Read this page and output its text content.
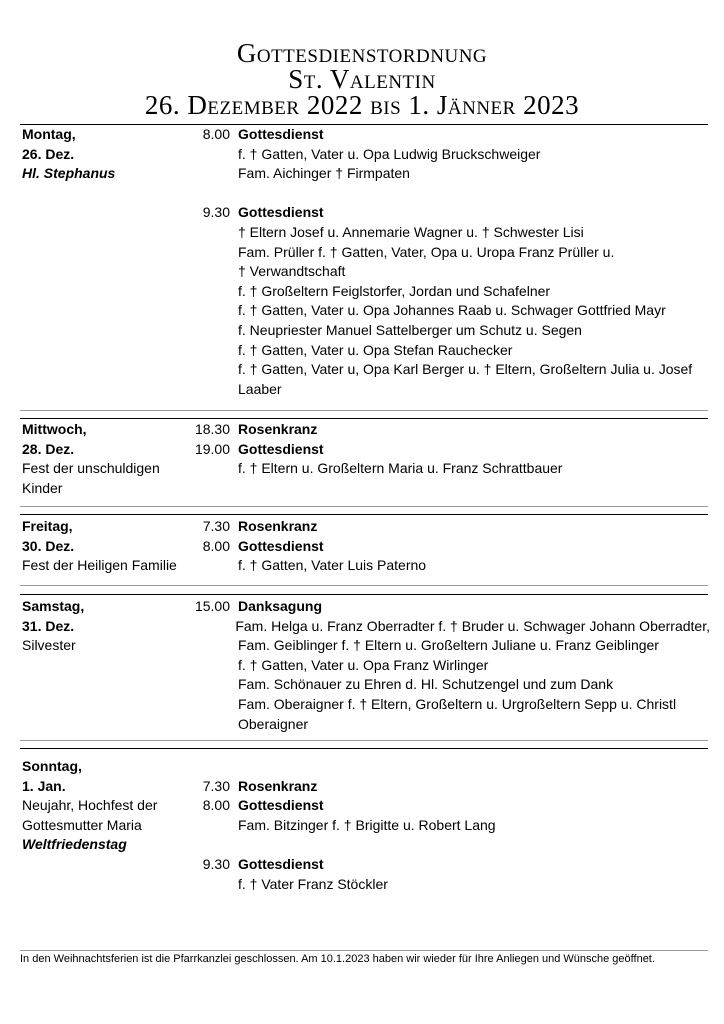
Gottesdienstordnung
St. Valentin
26. Dezember 2022 bis 1. Jänner 2023
Montag,
26. Dez.
Hl. Stephanus
8.00 Gottesdienst
f. † Gatten, Vater u. Opa Ludwig Bruckschweiger
Fam. Aichinger † Firmpaten
9.30 Gottesdienst
† Eltern Josef u. Annemarie Wagner u. † Schwester Lisi
Fam. Prüller f. † Gatten, Vater, Opa u. Uropa Franz Prüller u.
† Verwandtschaft
f. † Großeltern Feiglstorfer, Jordan und Schafelner
f. † Gatten, Vater u. Opa Johannes Raab u. Schwager Gottfried Mayr
f. Neupriester Manuel Sattelberger um Schutz u. Segen
f. † Gatten, Vater u. Opa Stefan Rauchecker
f. † Gatten, Vater u, Opa Karl Berger u. † Eltern, Großeltern Julia u. Josef
Laaber
Mittwoch,
28. Dez.
Fest der unschuldigen
Kinder
18.30 Rosenkranz
19.00 Gottesdienst
f. † Eltern u. Großeltern Maria u. Franz Schrattbauer
Freitag,
30. Dez.
Fest der Heiligen Familie
7.30 Rosenkranz
8.00 Gottesdienst
f. † Gatten, Vater Luis Paterno
Samstag,
31. Dez.
Silvester
15.00 Danksagung
Fam. Helga u. Franz Oberradter f. † Bruder u. Schwager Johann Oberradter,
Fam. Geiblinger f. † Eltern u. Großeltern Juliane u. Franz Geiblinger
f. † Gatten, Vater u. Opa Franz Wirlinger
Fam. Schönauer zu Ehren d. Hl. Schutzengel und zum Dank
Fam. Oberaigner f. † Eltern, Großeltern u. Urgroßeltern Sepp u. Christl
Oberaigner
Sonntag,
1. Jan.
Neujahr, Hochfest der
Gottesmutter Maria
Weltfriedenstag
7.30 Rosenkranz
8.00 Gottesdienst
Fam. Bitzinger f. † Brigitte u. Robert Lang
9.30 Gottesdienst
f. † Vater Franz Stöckler
In den Weihnachtsferien ist die Pfarrkanzlei geschlossen. Am 10.1.2023 haben wir wieder für Ihre Anliegen und Wünsche geöffnet.
